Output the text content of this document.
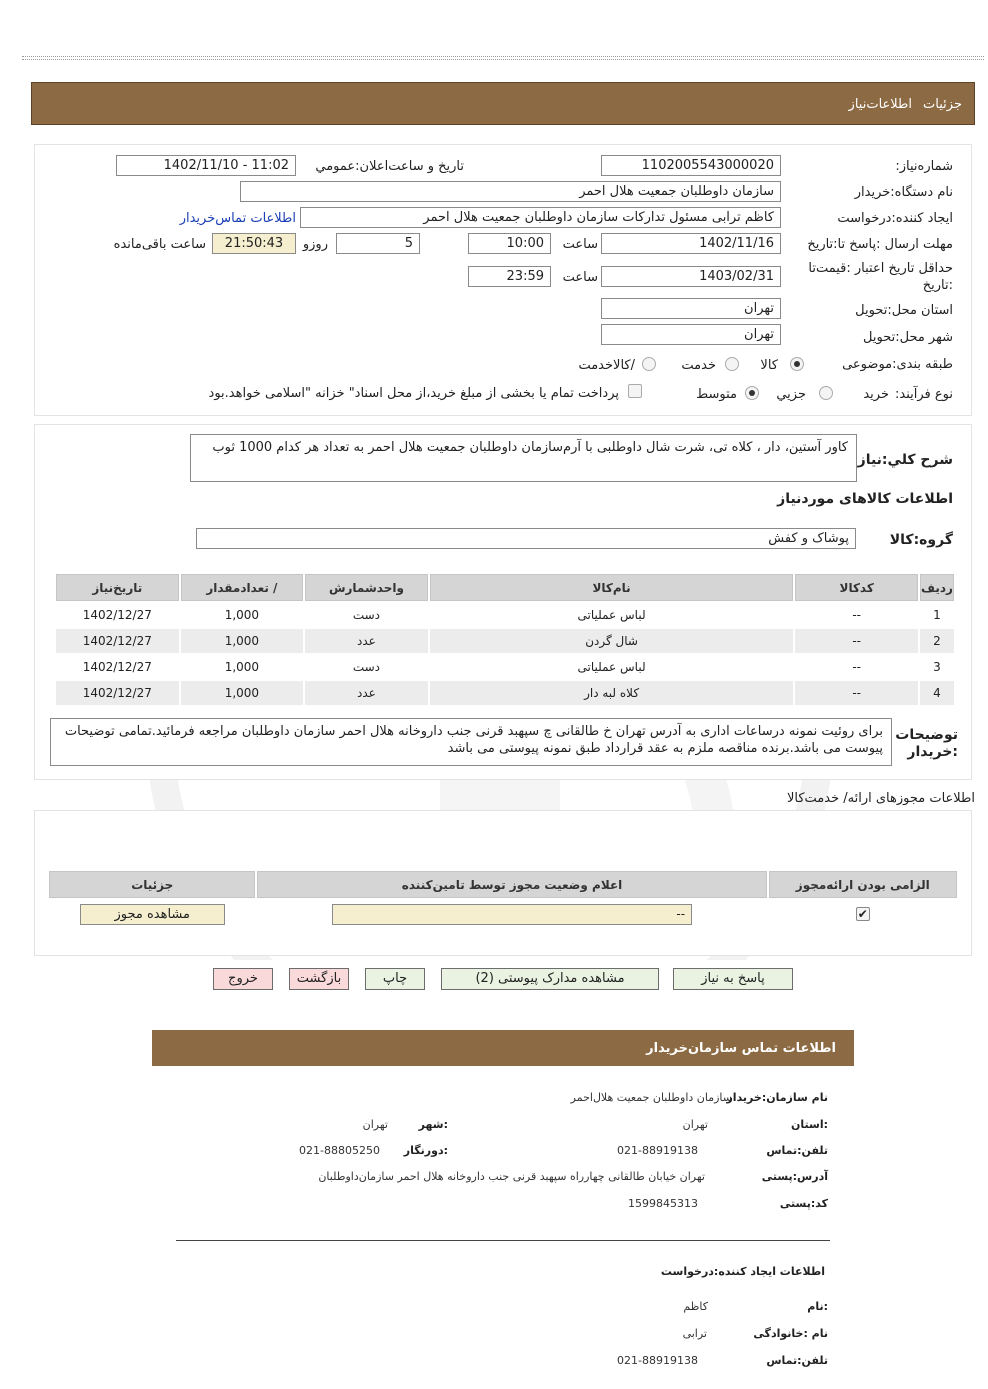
جزئیات
اطلاعات‌نیاز
شماره‌نیاز:
1102005543000020
تاریخ و ساعت‌اعلان:عمومي
1402/11/10 - 11:02
نام دستگاه:خریدار
سازمان داوطلبان جمعیت هلال احمر
ایجاد کننده:درخواست
کاظم ترابی مسئول تدارکات سازمان داوطلبان جمعیت هلال احمر
اطلاعات تماس‌خریدار
مهلت ارسال :پاسخ تا:تاریخ
1402/11/16
ساعت
10:00
5
روزو
21:50:43
ساعت باقی‌مانده
حداقل تاریخ اعتبار :قیمت‌تا
:تاریخ
1403/02/31
ساعت
23:59
استان محل:تحویل
تهران
شهر محل:تحویل
تهران
طبقه بندی:موضوعی
کالا
خدمت
/کالاخدمت
نوع فرآیند:
خرید
جزیي
متوسط
پرداخت تمام یا بخشی از مبلغ خرید،از محل اسناد" خزانه "اسلامی خواهد.بود
شرح کلي:نیاز
کاور آستین، دار ، کلاه تی، شرت شال داوطلبی با آرم‌سازمان داوطلبان جمعیت هلال احمر به تعداد هر کدام 1000 ثوب
اطلاعات کالاهای موردنیاز
گروه:کالا
پوشاک و کفش
ردیف	کدکالا	نام‌کالا	واحدشمارش	/ تعدادمقدار	تاریخ‌نیاز
1	--	لباس عملیاتی	دست	1,000	1402/12/27
2	--	شال گردن	عدد	1,000	1402/12/27
3	--	لباس عملیاتی	دست	1,000	1402/12/27
4	--	کلاه لبه دار	عدد	1,000	1402/12/27
توضیحات
:خریدار
برای روئیت نمونه درساعات اداری به آدرس تهران خ طالقانی چ سپهبد قرنی جنب داروخانه هلال احمر سازمان داوطلبان مراجعه فرمائید.تمامی توضیحات پیوست می باشد.برنده مناقصه ملزم به عقد قرارداد طبق نمونه پیوستی می باشد
اطلاعات مجوزهای ارائه/ خدمت‌کالا
الزامی بودن ارائه‌مجوز	اعلام وضعیت مجوز توسط تامین‌کننده	جزئیات
✔	--	مشاهده مجوز
پاسخ به نیاز
مشاهده مدارک پیوستی (2)
چاپ
بازگشت
خروج
اطلاعات تماس سازمان‌خریدار
نام سازمان:خریدار
سازمان داوطلبان جمعیت هلال‌احمر
:استان
تهران
:شهر
تهران
تلفن:تماس
021-88919138
:دورنگار
021-88805250
آدرس:پستی
تهران خیابان طالقانی چهارراه سپهبد قرنی جنب داروخانه هلال احمر سازمان‌داوطلبان
کد:پستی
1599845313
اطلاعات ایجاد کننده:درخواست
:نام
کاظم
نام :خانوادگی
ترابی
تلفن:تماس
021-88919138
